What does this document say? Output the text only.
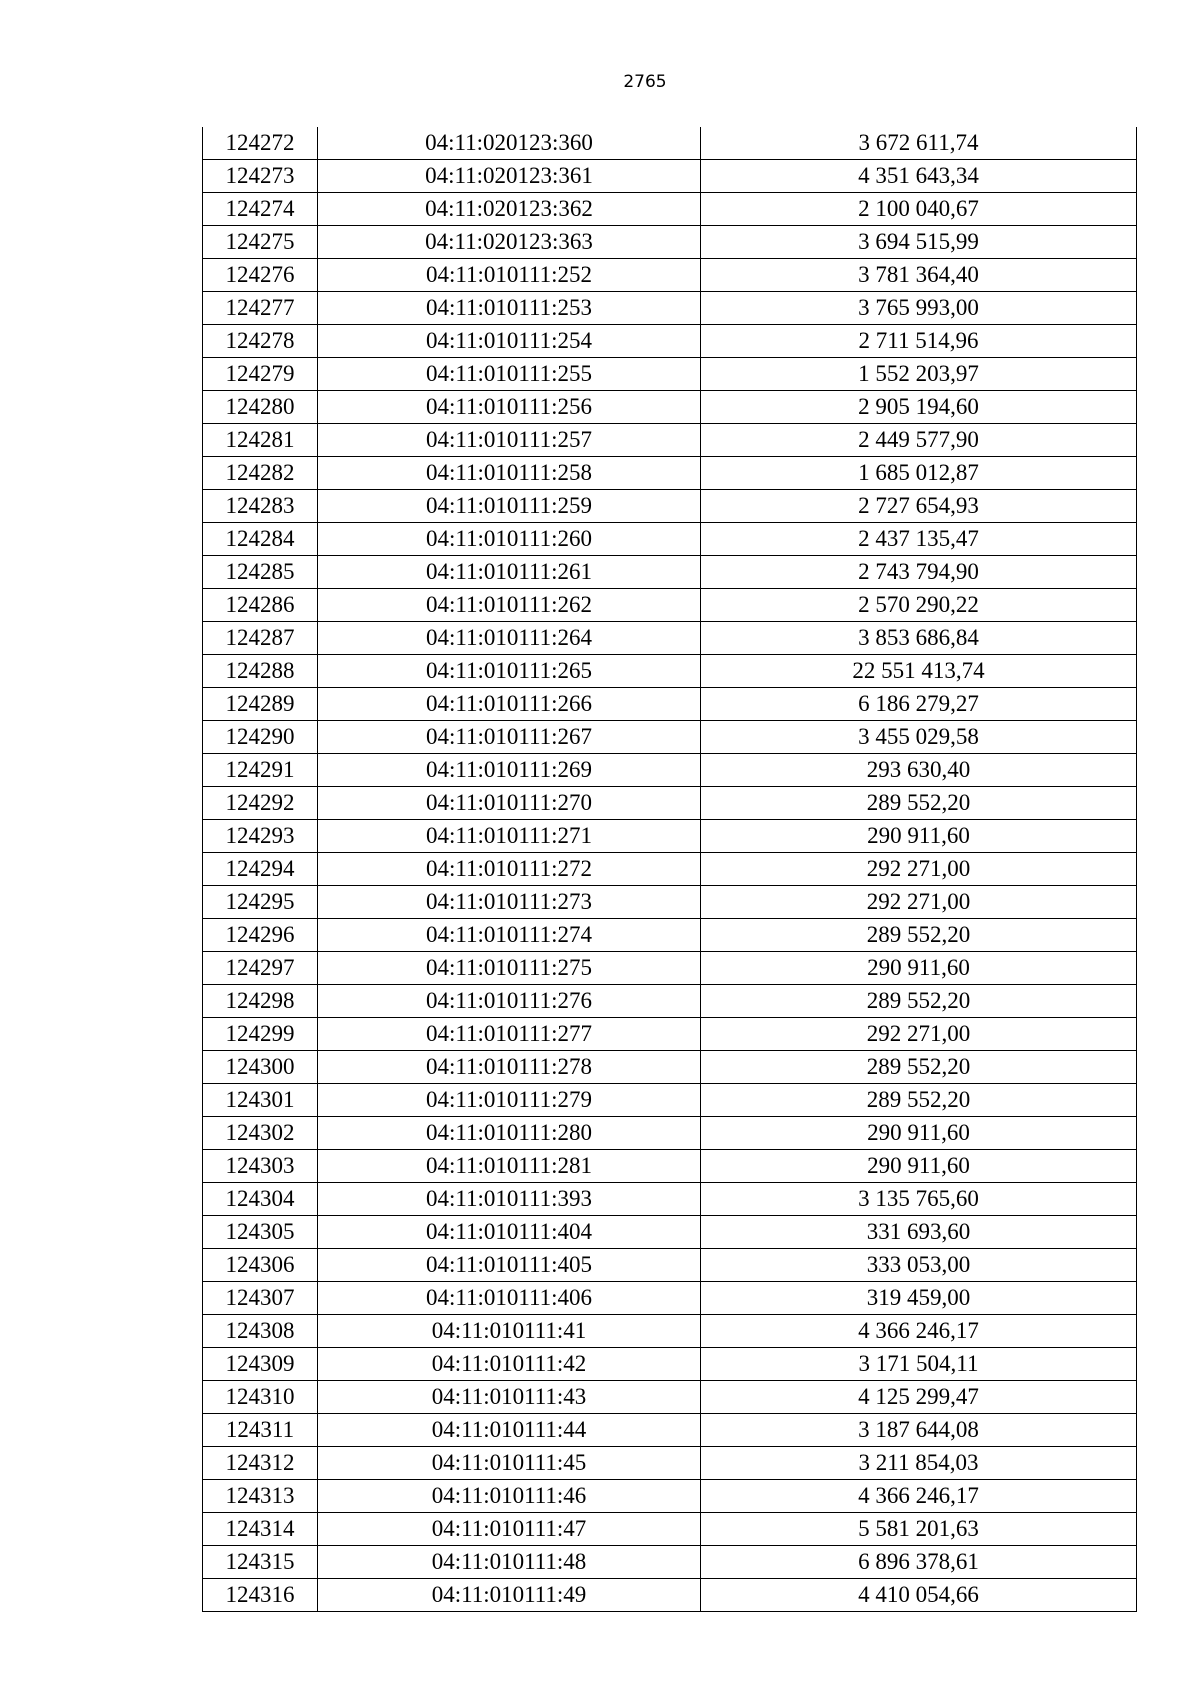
2765
124272	04:11:020123:360	3 672 611,74
124273	04:11:020123:361	4 351 643,34
124274	04:11:020123:362	2 100 040,67
124275	04:11:020123:363	3 694 515,99
124276	04:11:010111:252	3 781 364,40
124277	04:11:010111:253	3 765 993,00
124278	04:11:010111:254	2 711 514,96
124279	04:11:010111:255	1 552 203,97
124280	04:11:010111:256	2 905 194,60
124281	04:11:010111:257	2 449 577,90
124282	04:11:010111:258	1 685 012,87
124283	04:11:010111:259	2 727 654,93
124284	04:11:010111:260	2 437 135,47
124285	04:11:010111:261	2 743 794,90
124286	04:11:010111:262	2 570 290,22
124287	04:11:010111:264	3 853 686,84
124288	04:11:010111:265	22 551 413,74
124289	04:11:010111:266	6 186 279,27
124290	04:11:010111:267	3 455 029,58
124291	04:11:010111:269	293 630,40
124292	04:11:010111:270	289 552,20
124293	04:11:010111:271	290 911,60
124294	04:11:010111:272	292 271,00
124295	04:11:010111:273	292 271,00
124296	04:11:010111:274	289 552,20
124297	04:11:010111:275	290 911,60
124298	04:11:010111:276	289 552,20
124299	04:11:010111:277	292 271,00
124300	04:11:010111:278	289 552,20
124301	04:11:010111:279	289 552,20
124302	04:11:010111:280	290 911,60
124303	04:11:010111:281	290 911,60
124304	04:11:010111:393	3 135 765,60
124305	04:11:010111:404	331 693,60
124306	04:11:010111:405	333 053,00
124307	04:11:010111:406	319 459,00
124308	04:11:010111:41	4 366 246,17
124309	04:11:010111:42	3 171 504,11
124310	04:11:010111:43	4 125 299,47
124311	04:11:010111:44	3 187 644,08
124312	04:11:010111:45	3 211 854,03
124313	04:11:010111:46	4 366 246,17
124314	04:11:010111:47	5 581 201,63
124315	04:11:010111:48	6 896 378,61
124316	04:11:010111:49	4 410 054,66
